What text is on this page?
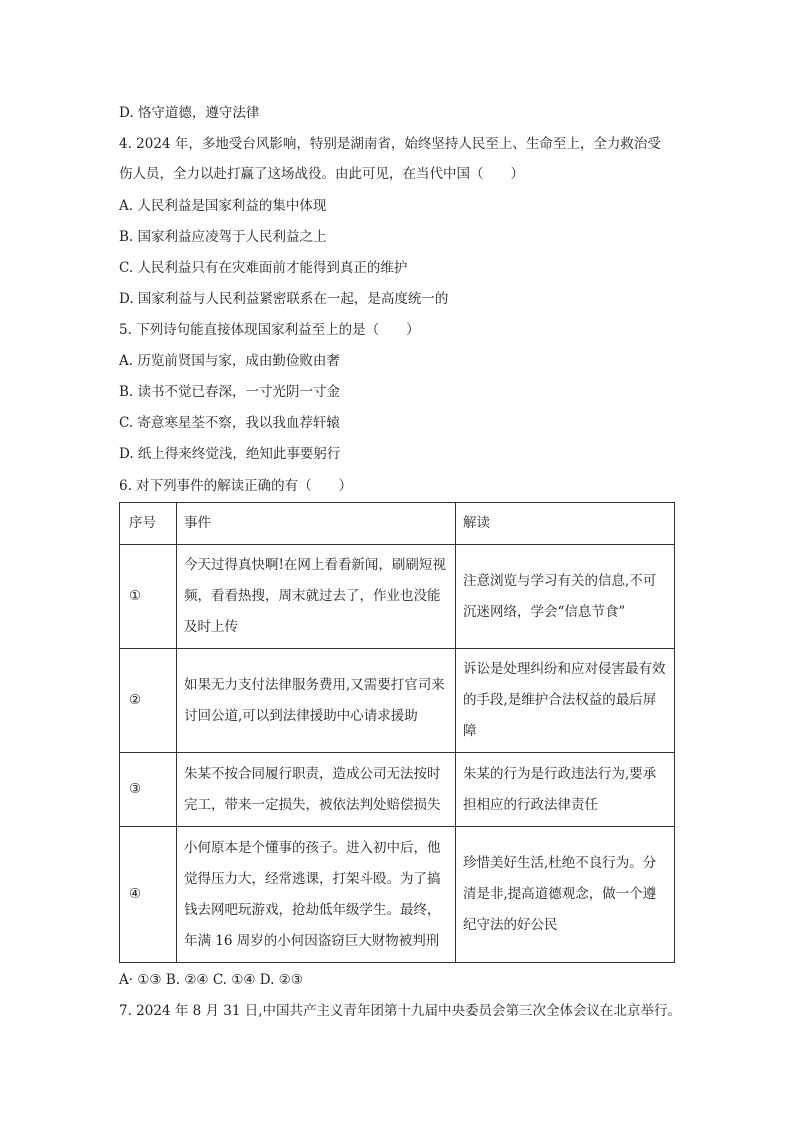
D. 恪守道德，遵守法律
4. 2024 年，多地受台风影响，特别是湖南省，始终坚持人民至上、生命至上，全力救治受
伤人员，全力以赴打赢了这场战役。由此可见，在当代中国（　　）
A. 人民利益是国家利益的集中体现
B. 国家利益应凌驾于人民利益之上
C. 人民利益只有在灾难面前才能得到真正的维护
D. 国家利益与人民利益紧密联系在一起，是高度统一的
5. 下列诗句能直接体现国家利益至上的是（　　）
A. 历览前贤国与家，成由勤俭败由奢
B. 读书不觉已春深，一寸光阴一寸金
C. 寄意寒星荃不察，我以我血荐轩辕
D. 纸上得来终觉浅，绝知此事要躬行
6. 对下列事件的解读正确的有（　　）
序号	事件	解读
①	今天过得真快啊!在网上看看新闻，刷刷短视频，看看热搜，周末就过去了，作业也没能及时上传	注意浏览与学习有关的信息,不可沉迷网络，学会“信息节食”
②	如果无力支付法律服务费用,又需要打官司来讨回公道,可以到法律援助中心请求援助	诉讼是处理纠纷和应对侵害最有效的手段,是维护合法权益的最后屏障
③	朱某不按合同履行职责，造成公司无法按时完工，带来一定损失，被依法判处赔偿损失	朱某的行为是行政违法行为,要承担相应的行政法律责任
④	小何原本是个懂事的孩子。进入初中后，他觉得压力大，经常逃课，打架斗殴。为了搞钱去网吧玩游戏，抢劫低年级学生。最终，年满 16 周岁的小何因盗窃巨大财物被判刑	珍惜美好生活,杜绝不良行为。分清是非,提高道德观念，做一个遵纪守法的好公民
A· ①③ B. ②④ C. ①④ D. ②③
7. 2024 年 8 月 31 日,中国共产主义青年团第十九届中央委员会第三次全体会议在北京举行。
